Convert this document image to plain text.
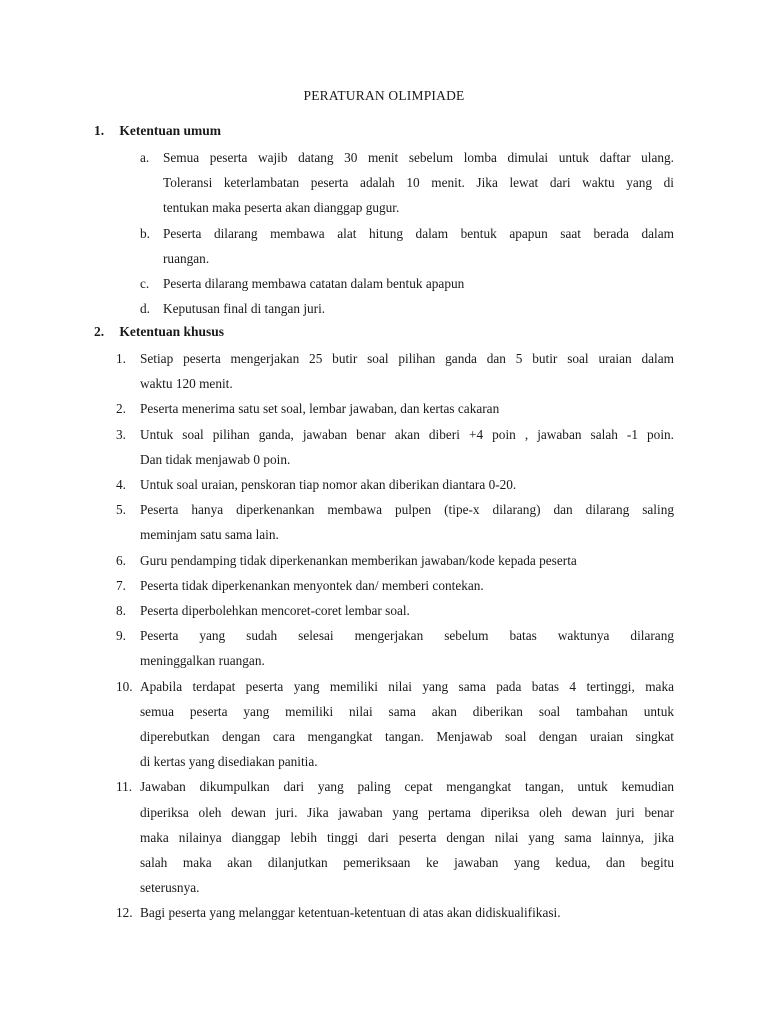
PERATURAN OLIMPIADE
1. Ketentuan umum
a. Semua peserta wajib datang 30 menit sebelum lomba dimulai untuk daftar ulang.
Toleransi keterlambatan peserta adalah 10 menit. Jika lewat dari waktu yang di
tentukan maka peserta akan dianggap gugur.
b. Peserta dilarang membawa alat hitung dalam bentuk apapun saat berada dalam
ruangan.
c. Peserta dilarang membawa catatan dalam bentuk apapun
d. Keputusan final di tangan juri.
2. Ketentuan khusus
1. Setiap peserta mengerjakan 25 butir soal pilihan ganda dan 5 butir soal uraian dalam
waktu 120 menit.
2. Peserta menerima satu set soal, lembar jawaban, dan kertas cakaran
3. Untuk soal pilihan ganda, jawaban benar akan diberi +4 poin , jawaban salah -1 poin.
Dan tidak menjawab 0 poin.
4. Untuk soal uraian, penskoran tiap nomor akan diberikan diantara 0-20.
5. Peserta hanya diperkenankan membawa pulpen (tipe-x dilarang) dan dilarang saling
meminjam satu sama lain.
6. Guru pendamping tidak diperkenankan memberikan jawaban/kode kepada peserta
7. Peserta tidak diperkenankan menyontek dan/ memberi contekan.
8. Peserta diperbolehkan mencoret-coret lembar soal.
9. Peserta yang sudah selesai mengerjakan sebelum batas waktunya dilarang
meninggalkan ruangan.
10. Apabila terdapat peserta yang memiliki nilai yang sama pada batas 4 tertinggi, maka
semua peserta yang memiliki nilai sama akan diberikan soal tambahan untuk
diperebutkan dengan cara mengangkat tangan. Menjawab soal dengan uraian singkat
di kertas yang disediakan panitia.
11. Jawaban dikumpulkan dari yang paling cepat mengangkat tangan, untuk kemudian
diperiksa oleh dewan juri. Jika jawaban yang pertama diperiksa oleh dewan juri benar
maka nilainya dianggap lebih tinggi dari peserta dengan nilai yang sama lainnya, jika
salah maka akan dilanjutkan pemeriksaan ke jawaban yang kedua, dan begitu
seterusnya.
12. Bagi peserta yang melanggar ketentuan-ketentuan di atas akan didiskualifikasi.
